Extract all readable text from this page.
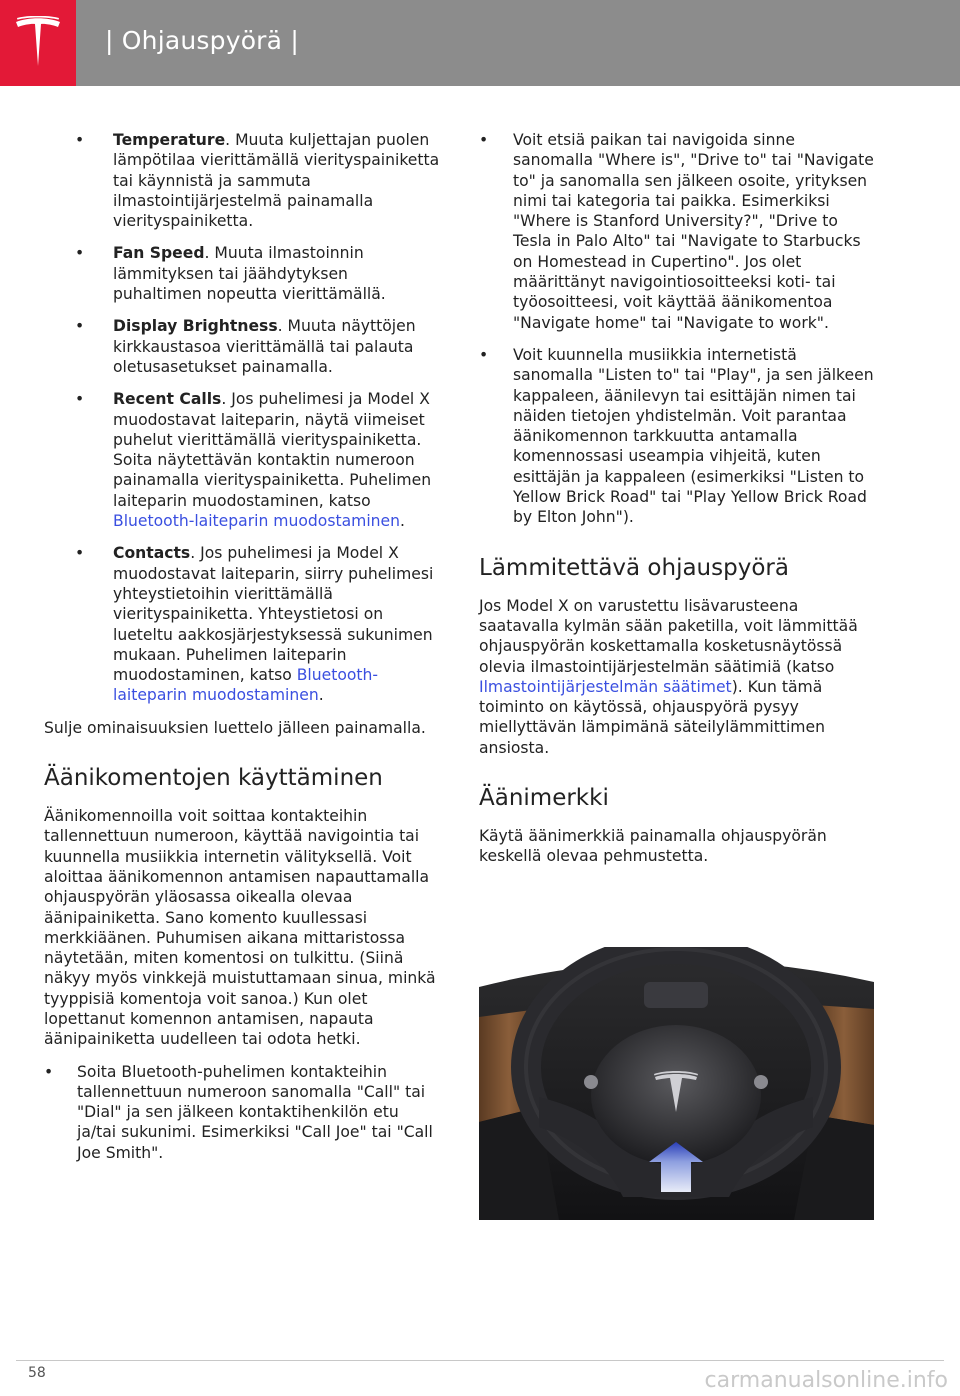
| Ohjauspyörä |
• Temperature. Muuta kuljettajan puolen lämpötilaa vierittämällä vierityspainiketta tai käynnistä ja sammuta ilmastointijärjestelmä painamalla vierityspainiketta.
• Fan Speed. Muuta ilmastoinnin lämmityksen tai jäähdytyksen puhaltimen nopeutta vierittämällä.
• Display Brightness. Muuta näyttöjen kirkkaustasoa vierittämällä tai palauta oletusasetukset painamalla.
• Recent Calls. Jos puhelimesi ja Model X muodostavat laiteparin, näytä viimeiset puhelut vierittämällä vierityspainiketta. Soita näytettävän kontaktin numeroon painamalla vierityspainiketta. Puhelimen laiteparin muodostaminen, katso Bluetooth-laiteparin muodostaminen.
• Contacts. Jos puhelimesi ja Model X muodostavat laiteparin, siirry puhelimesi yhteystietoihin vierittämällä vierityspainiketta. Yhteystietosi on lueteltu aakkosjärjestyksessä sukunimen mukaan. Puhelimen laiteparin muodostaminen, katso Bluetooth-laiteparin muodostaminen.

Sulje ominaisuuksien luettelo jälleen painamalla.

Äänikomentojen käyttäminen

Äänikomennoilla voit soittaa kontakteihin tallennettuun numeroon, käyttää navigointia tai kuunnella musiikkia internetin välityksellä. Voit aloittaa äänikomennon antamisen napauttamalla ohjauspyörän yläosassa oikealla olevaa äänipainiketta. Sano komento kuullessasi merkkiäänen. Puhumisen aikana mittaristossa näytetään, miten komentosi on tulkittu. (Siinä näkyy myös vinkkejä muistuttamaan sinua, minkä tyyppisiä komentoja voit sanoa.) Kun olet lopettanut komennon antamisen, napauta äänipainiketta uudelleen tai odota hetki.

• Soita Bluetooth-puhelimen kontakteihin tallennettuun numeroon sanomalla "Call" tai "Dial" ja sen jälkeen kontaktihenkilön etu ja/tai sukunimi. Esimerkiksi "Call Joe" tai "Call Joe Smith".
• Voit etsiä paikan tai navigoida sinne sanomalla "Where is", "Drive to" tai "Navigate to" ja sanomalla sen jälkeen osoite, yrityksen nimi tai kategoria tai paikka. Esimerkiksi "Where is Stanford University?", "Drive to Tesla in Palo Alto" tai "Navigate to Starbucks on Homestead in Cupertino". Jos olet määrittänyt navigointiosoitteeksi koti- tai työosoitteesi, voit käyttää äänikomentoa "Navigate home" tai "Navigate to work".
• Voit kuunnella musiikkia internetistä sanomalla "Listen to" tai "Play", ja sen jälkeen kappaleen, äänilevyn tai esittäjän nimen tai näiden tietojen yhdistelmän. Voit parantaa äänikomennon tarkkuutta antamalla komennossasi useampia vihjeitä, kuten esittäjän ja kappaleen (esimerkiksi "Listen to Yellow Brick Road" tai "Play Yellow Brick Road by Elton John").
Lämmitettävä ohjauspyörä

Jos Model X on varustettu lisävarusteena saatavalla kylmän sään paketilla, voit lämmittää ohjauspyörän koskettamalla kosketusnäytössä olevia ilmastointijärjestelmän säätimiä (katso Ilmastointijärjestelmän säätimet). Kun tämä toiminto on käytössä, ohjauspyörä pysyy miellyttävän lämpimänä säteilylämmittimen ansiosta.

Äänimerkki

Käytä äänimerkkiä painamalla ohjauspyörän keskellä olevaa pehmustetta.

58	carmanualsonline.info
